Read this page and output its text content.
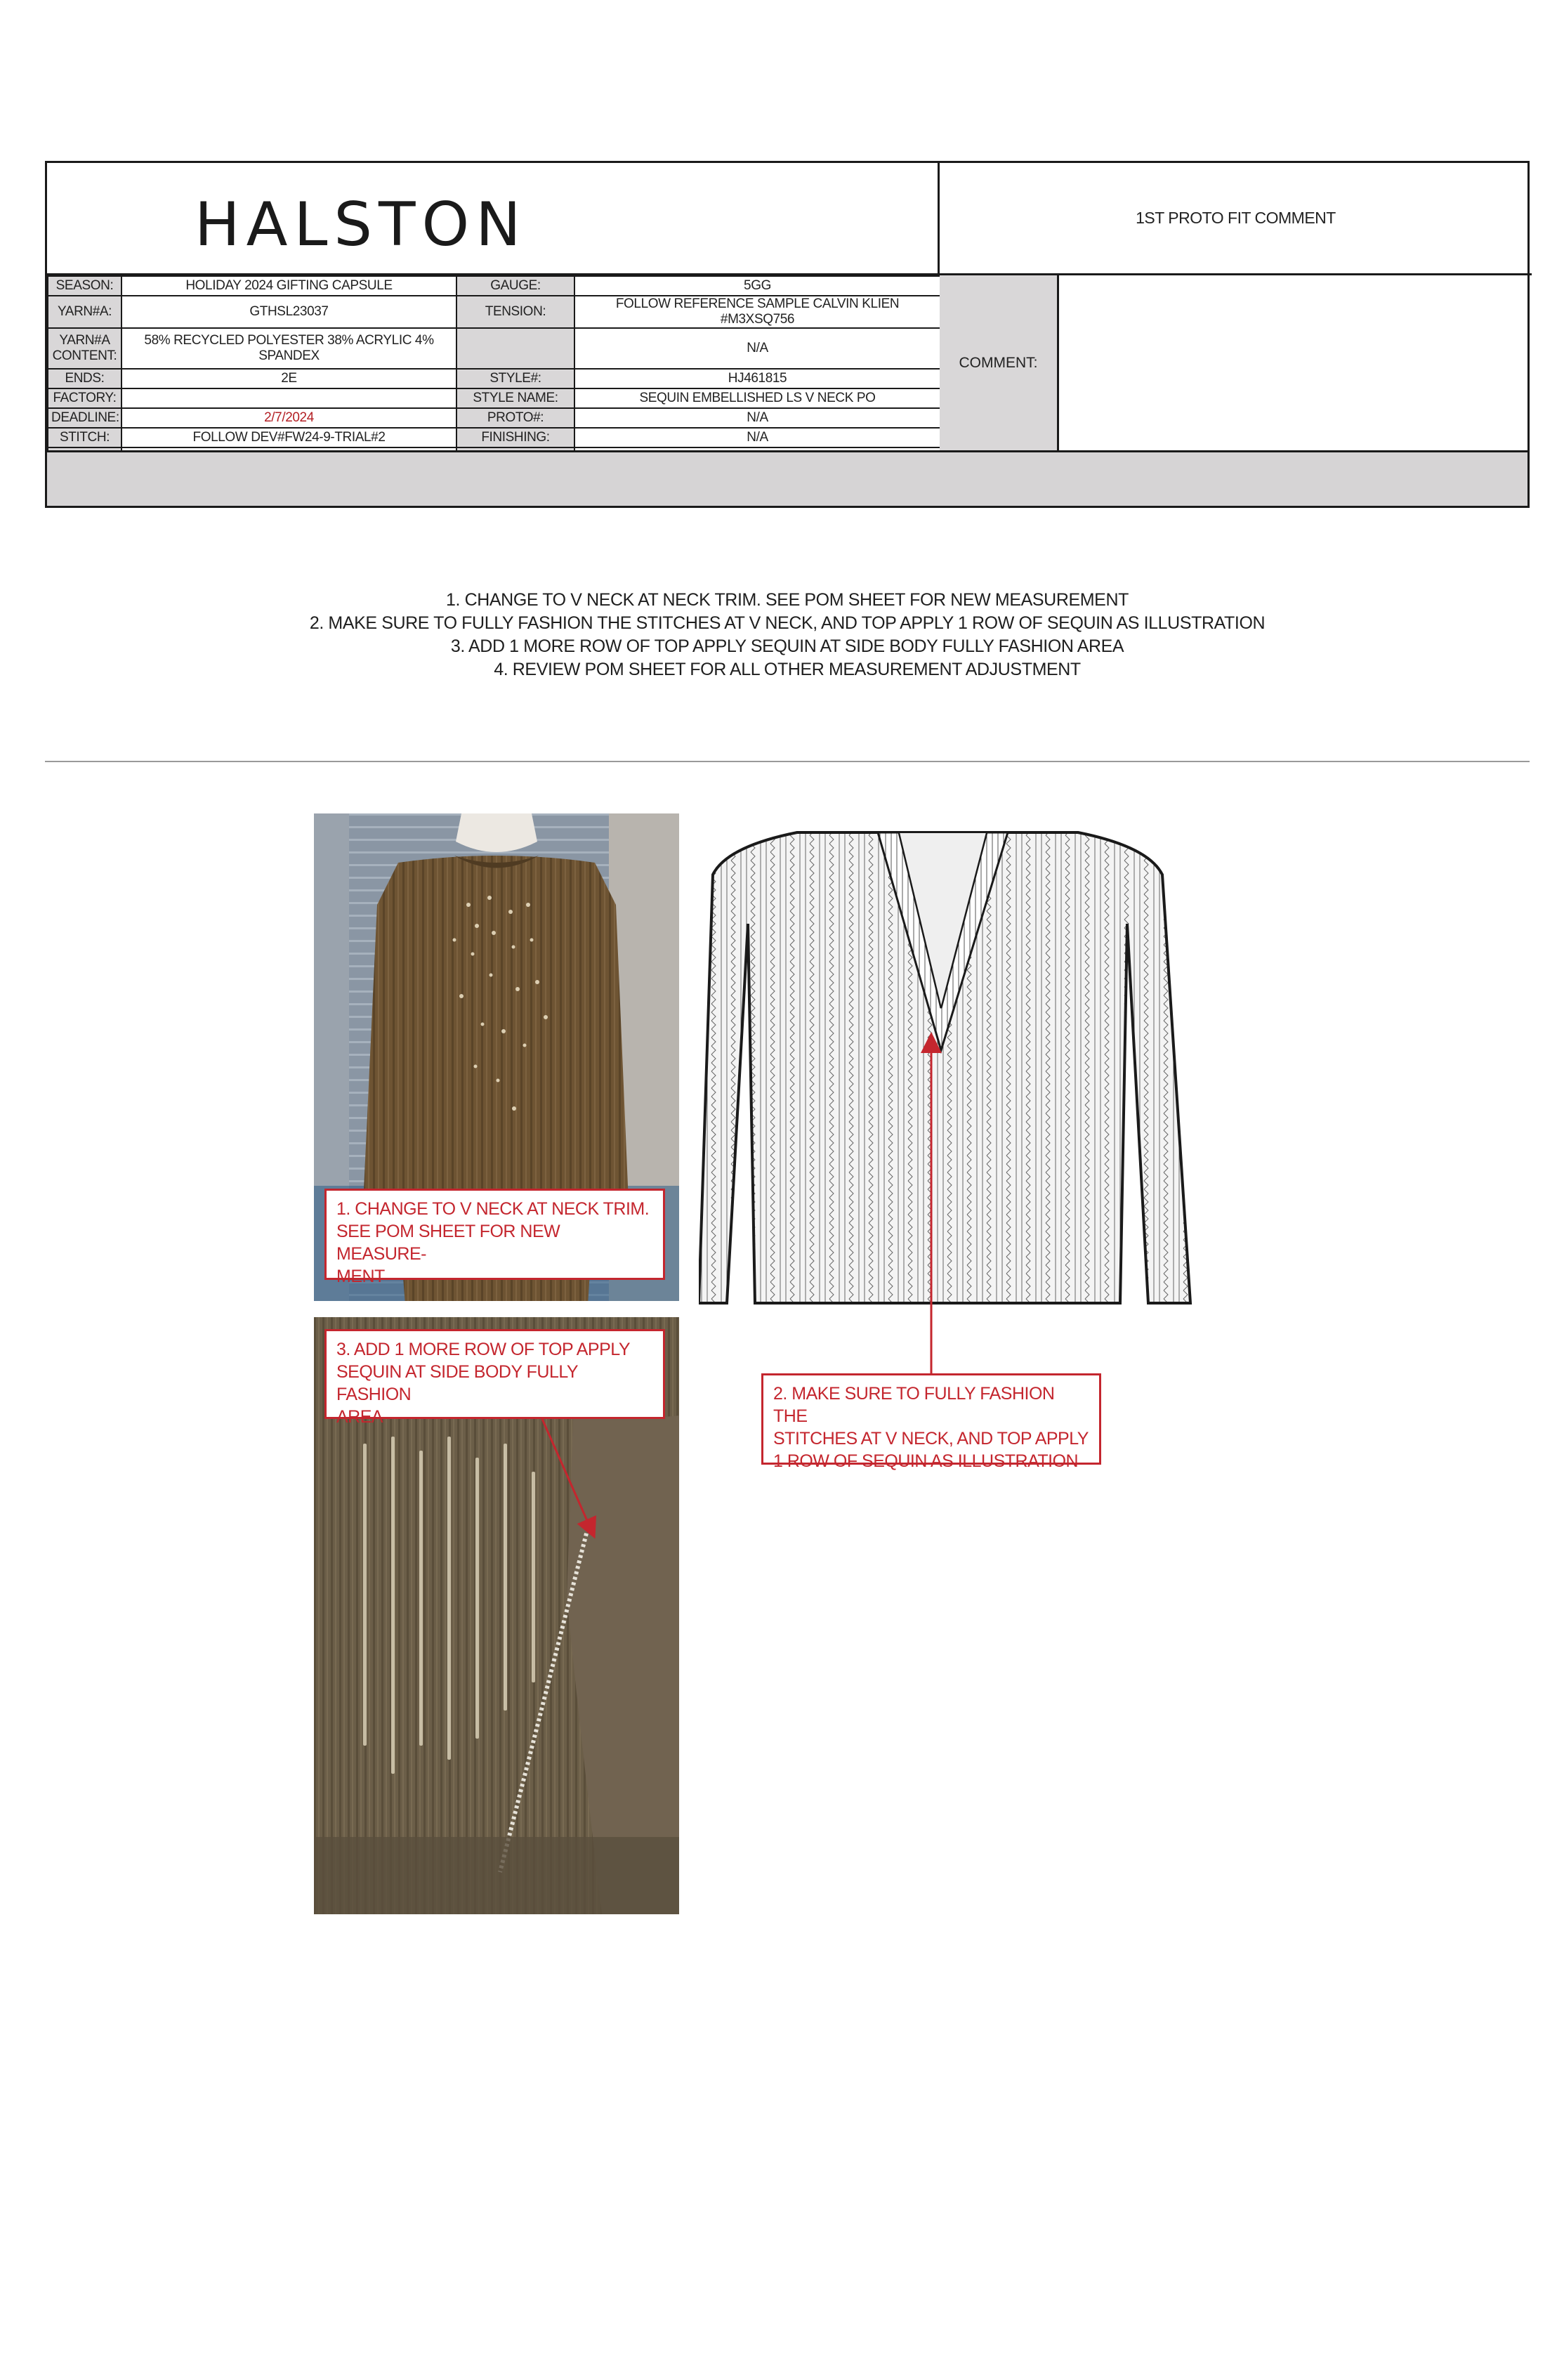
HALSTON	1ST PROTO FIT COMMENT
SEASON:	HOLIDAY 2024 GIFTING CAPSULE	GAUGE:	5GG
YARN#A:	GTHSL23037	TENSION:	FOLLOW REFERENCE SAMPLE CALVIN KLIEN #M3XSQ756
YARN#A CONTENT:	58% RECYCLED POLYESTER 38% ACRYLIC 4% SPANDEX		N/A
ENDS:	2E	STYLE#:	HJ461815
FACTORY:		STYLE NAME:	SEQUIN EMBELLISHED LS V NECK PO
DEADLINE:	2/7/2024	PROTO#:	N/A
STITCH:	FOLLOW DEV#FW24-9-TRIAL#2	FINISHING:	N/A

COMMENT:
1. CHANGE TO V NECK AT NECK TRIM. SEE POM SHEET FOR NEW MEASUREMENT
2. MAKE SURE TO FULLY FASHION THE STITCHES AT V NECK, AND TOP APPLY 1 ROW OF SEQUIN AS ILLUSTRATION
3. ADD 1 MORE ROW OF TOP APPLY SEQUIN AT SIDE BODY FULLY FASHION AREA
4. REVIEW POM SHEET FOR ALL OTHER MEASUREMENT ADJUSTMENT
1. CHANGE TO V NECK AT NECK TRIM.
SEE POM SHEET FOR NEW MEASURE-
MENT
3. ADD 1 MORE ROW OF TOP APPLY
SEQUIN AT SIDE BODY FULLY FASHION
AREA
2. MAKE SURE TO FULLY FASHION THE
STITCHES AT V NECK, AND TOP APPLY
1 ROW OF SEQUIN AS ILLUSTRATION
